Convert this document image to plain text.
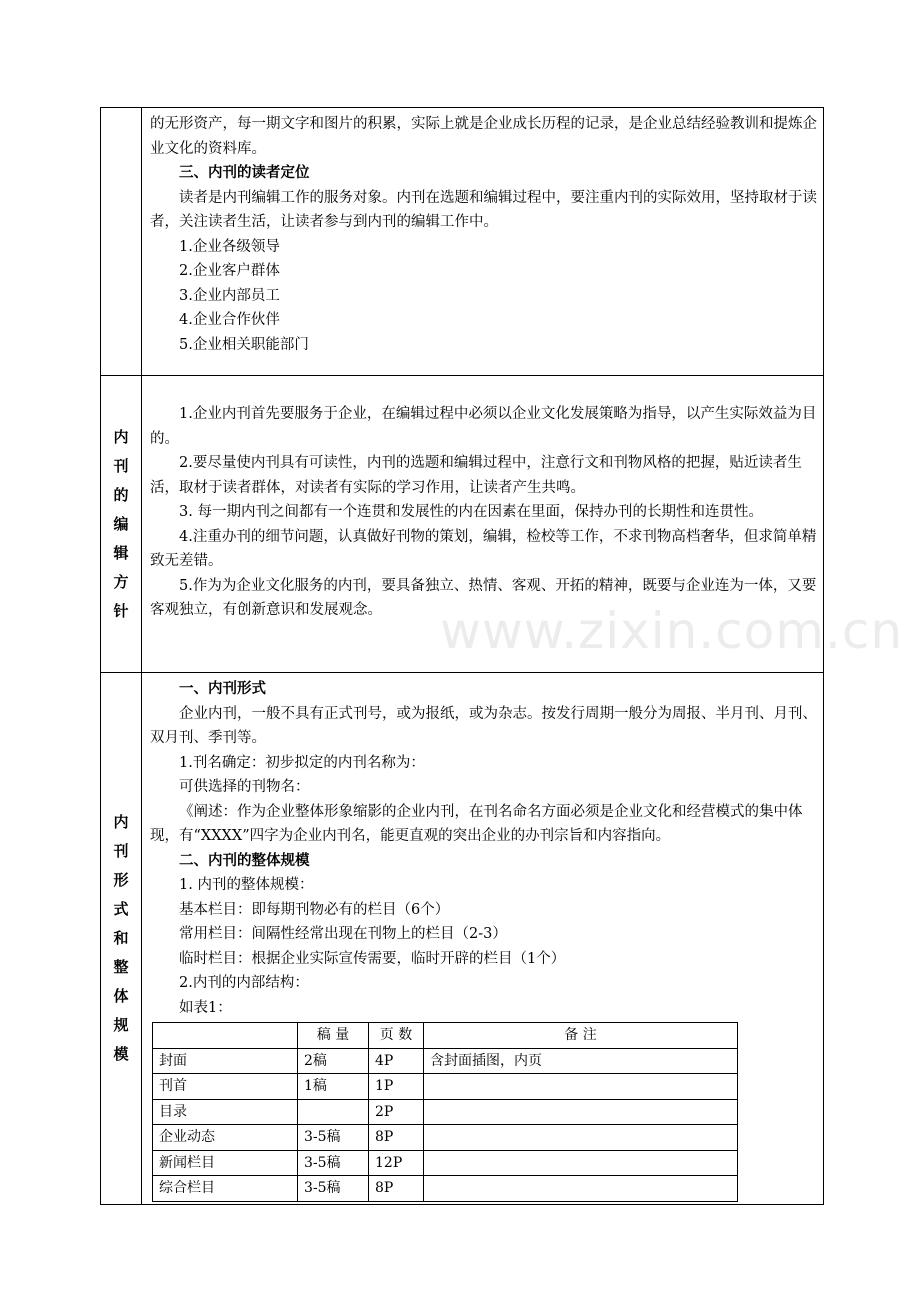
www.zixin.com.cn

的无形资产，每一期文字和图片的积累，实际上就是企业成长历程的记录，是企业总结经验教训和提炼企业文化的资料库。

三、内刊的读者定位

读者是内刊编辑工作的服务对象。内刊在选题和编辑过程中，要注重内刊的实际效用，坚持取材于读者，关注读者生活，让读者参与到内刊的编辑工作中。

1.企业各级领导

2.企业客户群体

3.企业内部员工

4.企业合作伙伴

5.企业相关职能部门

内
刊
的
编
辑
方
针

1.企业内刊首先要服务于企业，在编辑过程中必须以企业文化发展策略为指导，以产生实际效益为目的。

2.要尽量使内刊具有可读性，内刊的选题和编辑过程中，注意行文和刊物风格的把握，贴近读者生活，取材于读者群体，对读者有实际的学习作用，让读者产生共鸣。

3. 每一期内刊之间都有一个连贯和发展性的内在因素在里面，保持办刊的长期性和连贯性。

4.注重办刊的细节问题，认真做好刊物的策划，编辑，检校等工作，不求刊物高档奢华，但求简单精致无差错。

5.作为为企业文化服务的内刊，要具备独立、热情、客观、开拓的精神，既要与企业连为一体，又要客观独立，有创新意识和发展观念。

内
刊
形
式
和
整
体
规
模

一、内刊形式

企业内刊，一般不具有正式刊号，或为报纸，或为杂志。按发行周期一般分为周报、半月刊、月刊、双月刊、季刊等。

1.刊名确定：初步拟定的内刊名称为：

可供选择的刊物名：

《阐述：作为企业整体形象缩影的企业内刊，在刊名命名方面必须是企业文化和经营模式的集中体现，有“XXXX”四字为企业内刊名，能更直观的突出企业的办刊宗旨和内容指向。

二、内刊的整体规模

1. 内刊的整体规模：

基本栏目：即每期刊物必有的栏目（6个）

常用栏目：间隔性经常出现在刊物上的栏目（2-3）

临时栏目：根据企业实际宣传需要，临时开辟的栏目（1个）

2.内刊的内部结构：

如表1：

	稿 量	页 数	备 注
封面	2稿	4P	含封面插图，内页
刊首	1稿	1P	
目录		2P	
企业动态	3-5稿	8P	
新闻栏目	3-5稿	12P	
综合栏目	3-5稿	8P	
